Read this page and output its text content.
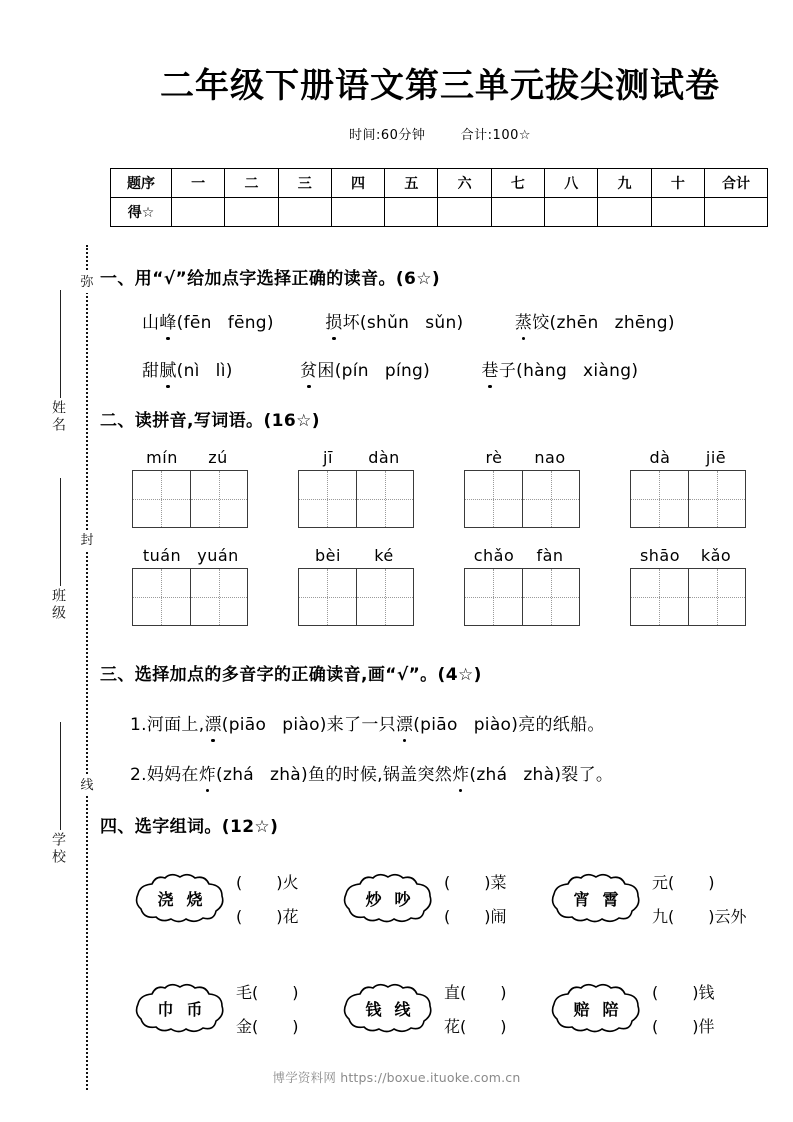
弥
封
线
姓名
班级
学校
二年级下册语文第三单元拔尖测试卷
时间:60分钟	合计:100☆
题序	一	二	三	四	五	六	七	八	九	十	合计
得☆											
一、用“√”给加点字选择正确的读音。(6☆)
山峰(fēn fēng)	损坏(shǔn sǔn)	蒸饺(zhēn zhēng)
甜腻(nì lì)	贫困(pín píng)	巷子(hàng xiàng)
二、读拼音,写词语。(16☆)
mín zú	jī dàn	rè nao	dà jiē
tuán yuán	bèi ké	chǎo fàn	shāo kǎo
三、选择加点的多音字的正确读音,画“√”。(4☆)
1.河面上,漂(piāo piào)来了一只漂(piāo piào)亮的纸船。
2.妈妈在炸(zhá zhà)鱼的时候,锅盖突然炸(zhá zhà)裂了。
四、选字组词。(12☆)
浇 烧
( )火
( )花
炒 吵
( )菜
( )闹
宵 霄
元( )
九( )云外
巾 币
毛( )
金( )
钱 线
直( )
花( )
赔 陪
( )钱
( )伴
博学资料网 https://boxue.ituoke.com.cn
